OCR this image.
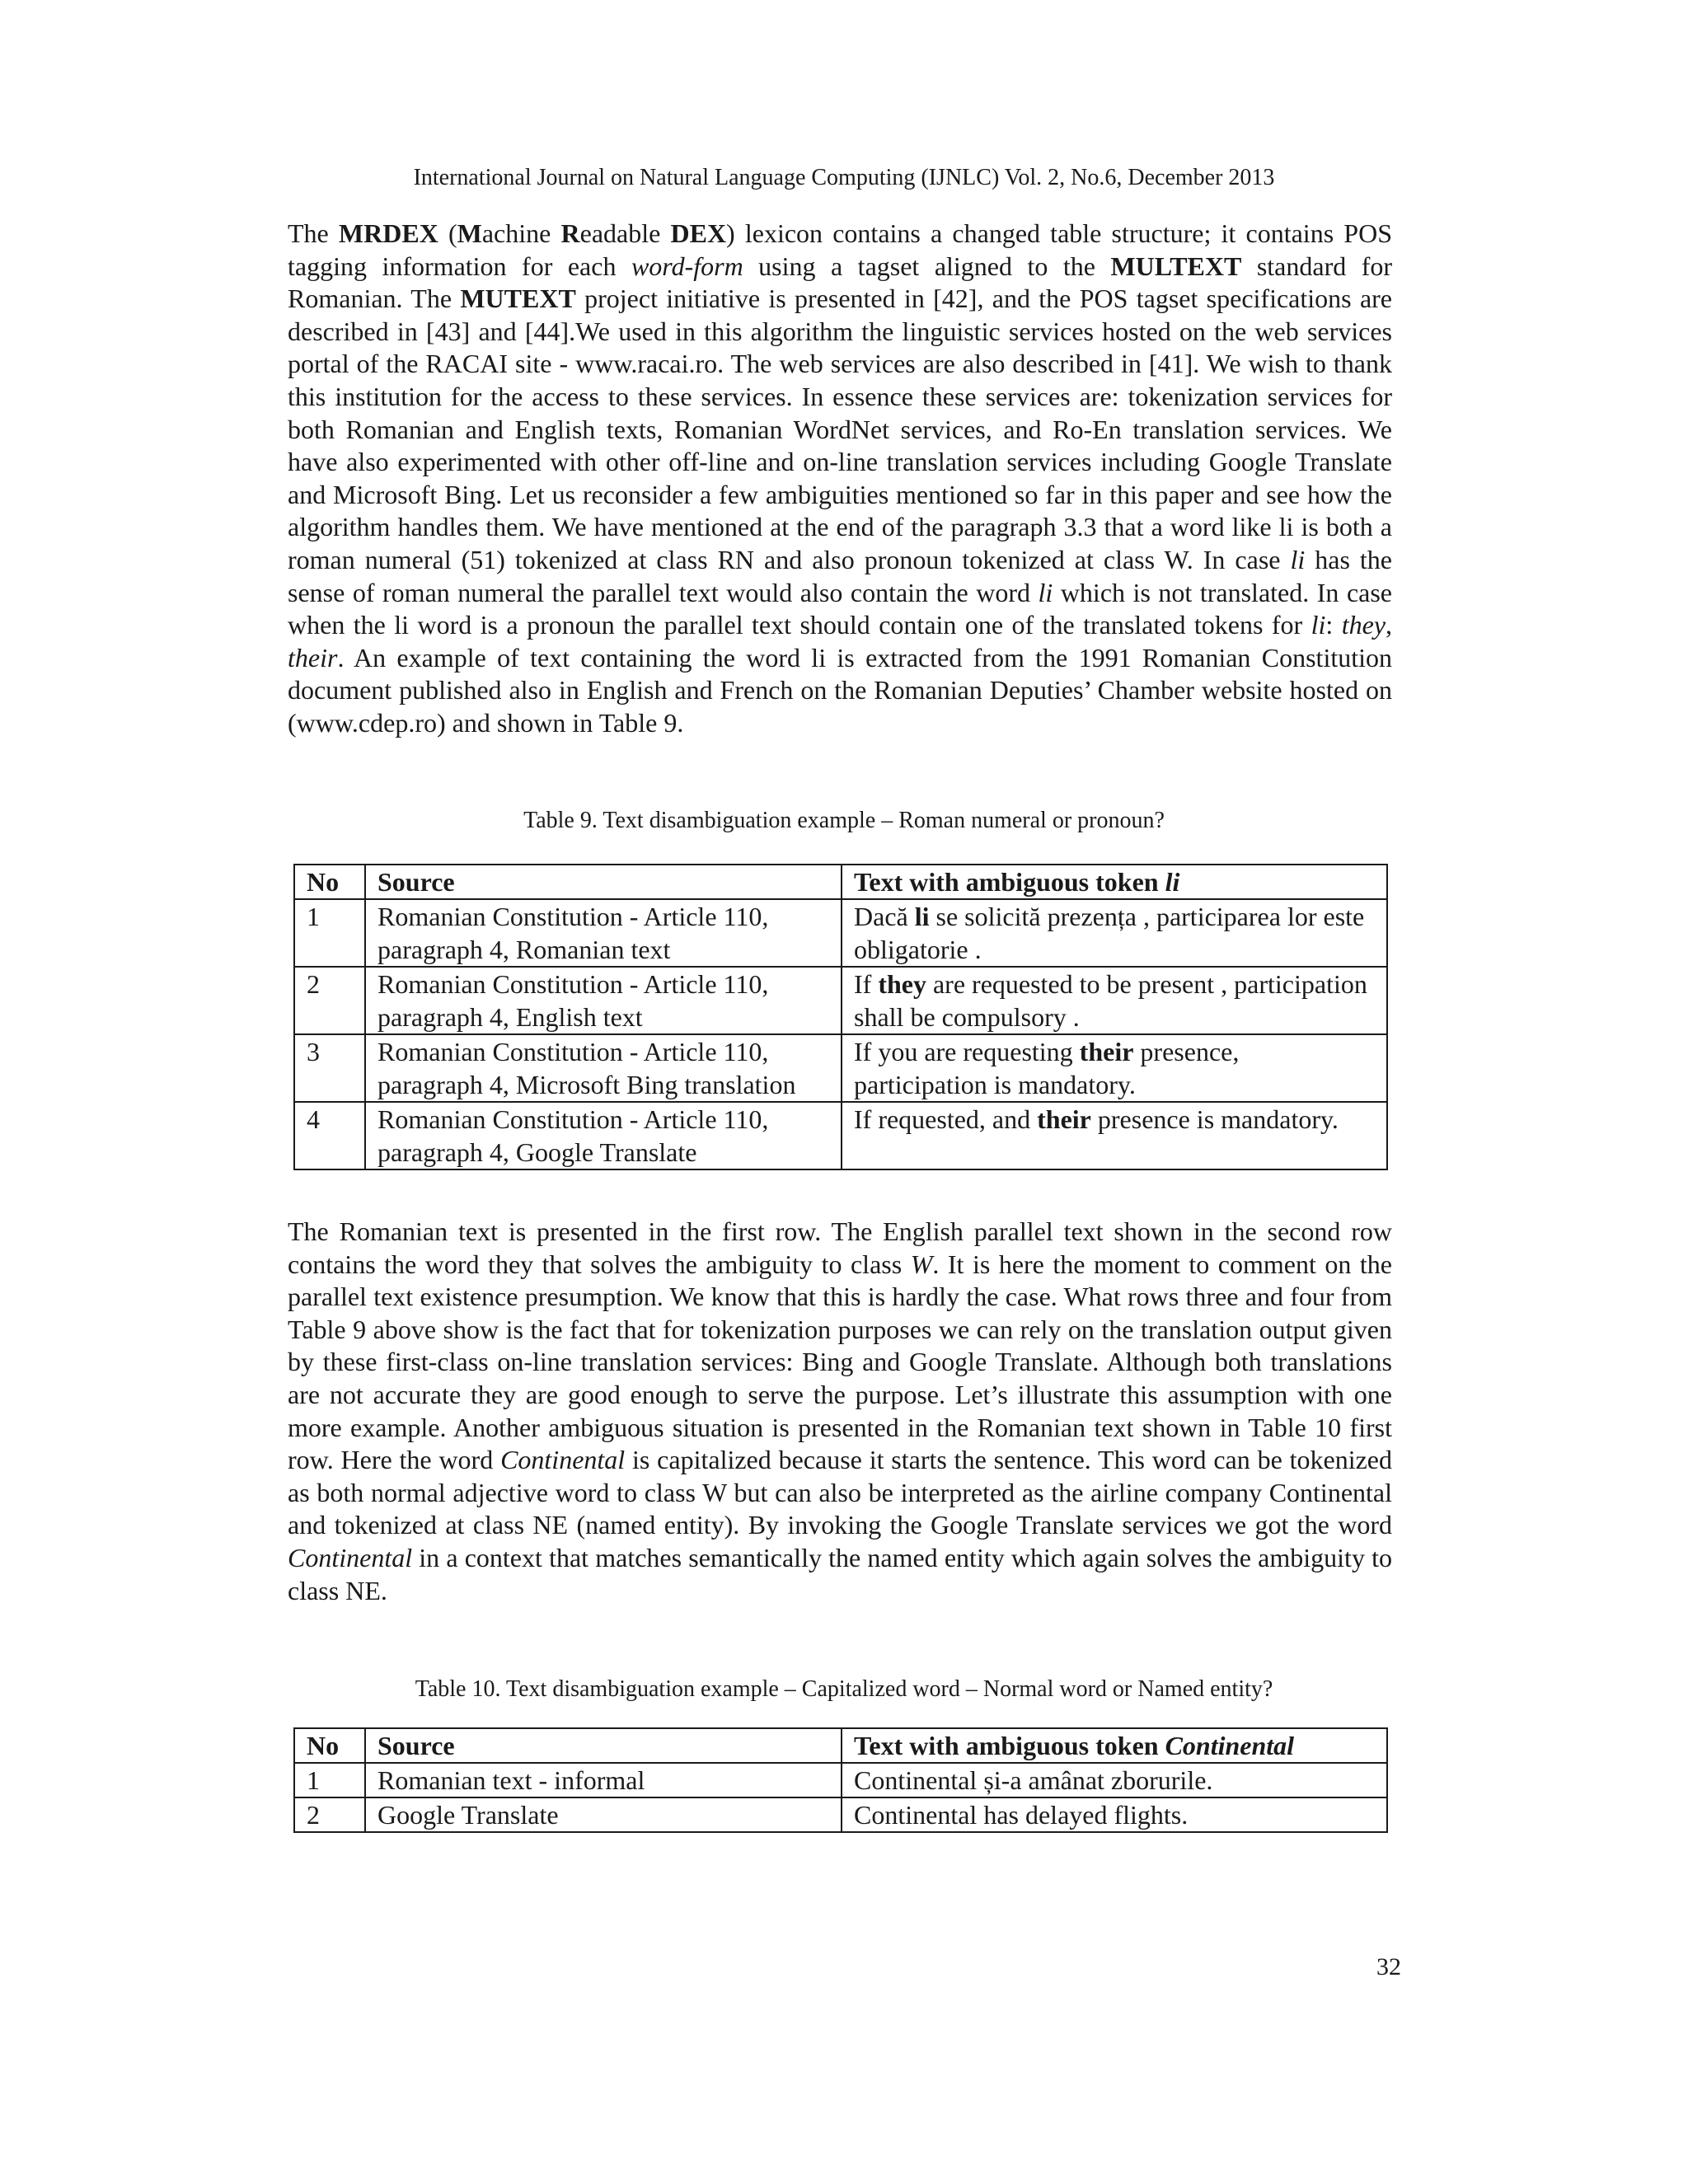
International Journal on Natural Language Computing (IJNLC) Vol. 2, No.6, December 2013

The MRDEX (Machine Readable DEX) lexicon contains a changed table structure; it contains POS tagging information for each word-form using a tagset aligned to the MULTEXT standard for Romanian. The MUTEXT project initiative is presented in [42], and the POS tagset specifications are described in [43] and [44].We used in this algorithm the linguistic services hosted on the web services portal of the RACAI site - www.racai.ro. The web services are also described in [41]. We wish to thank this institution for the access to these services. In essence these services are: tokenization services for both Romanian and English texts, Romanian WordNet services, and Ro-En translation services. We have also experimented with other off-line and on-line translation services including Google Translate and Microsoft Bing. Let us reconsider a few ambiguities mentioned so far in this paper and see how the algorithm handles them. We have mentioned at the end of the paragraph 3.3 that a word like li is both a roman numeral (51) tokenized at class RN and also pronoun tokenized at class W. In case li has the sense of roman numeral the parallel text would also contain the word li which is not translated. In case when the li word is a pronoun the parallel text should contain one of the translated tokens for li: they, their. An example of text containing the word li is extracted from the 1991 Romanian Constitution document published also in English and French on the Romanian Deputies’ Chamber website hosted on (www.cdep.ro) and shown in Table 9.

Table 9. Text disambiguation example – Roman numeral or pronoun?
No	Source	Text with ambiguous token li
1	Romanian Constitution - Article 110, paragraph 4, Romanian text	Dacă li se solicită prezența , participarea lor este obligatorie .
2	Romanian Constitution - Article 110, paragraph 4, English text	If they are requested to be present , participation shall be compulsory .
3	Romanian Constitution - Article 110, paragraph 4, Microsoft Bing translation	If you are requesting their presence, participation is mandatory.
4	Romanian Constitution - Article 110, paragraph 4, Google Translate	If requested, and their presence is mandatory.

The Romanian text is presented in the first row. The English parallel text shown in the second row contains the word they that solves the ambiguity to class W. It is here the moment to comment on the parallel text existence presumption. We know that this is hardly the case. What rows three and four from Table 9 above show is the fact that for tokenization purposes we can rely on the translation output given by these first-class on-line translation services: Bing and Google Translate. Although both translations are not accurate they are good enough to serve the purpose. Let’s illustrate this assumption with one more example. Another ambiguous situation is presented in the Romanian text shown in Table 10 first row. Here the word Continental is capitalized because it starts the sentence. This word can be tokenized as both normal adjective word to class W but can also be interpreted as the airline company Continental and tokenized at class NE (named entity). By invoking the Google Translate services we got the word Continental in a context that matches semantically the named entity which again solves the ambiguity to class NE.

Table 10. Text disambiguation example – Capitalized word – Normal word or Named entity?
No	Source	Text with ambiguous token Continental
1	Romanian text - informal	Continental și-a amânat zborurile.
2	Google Translate	Continental has delayed flights.
32
